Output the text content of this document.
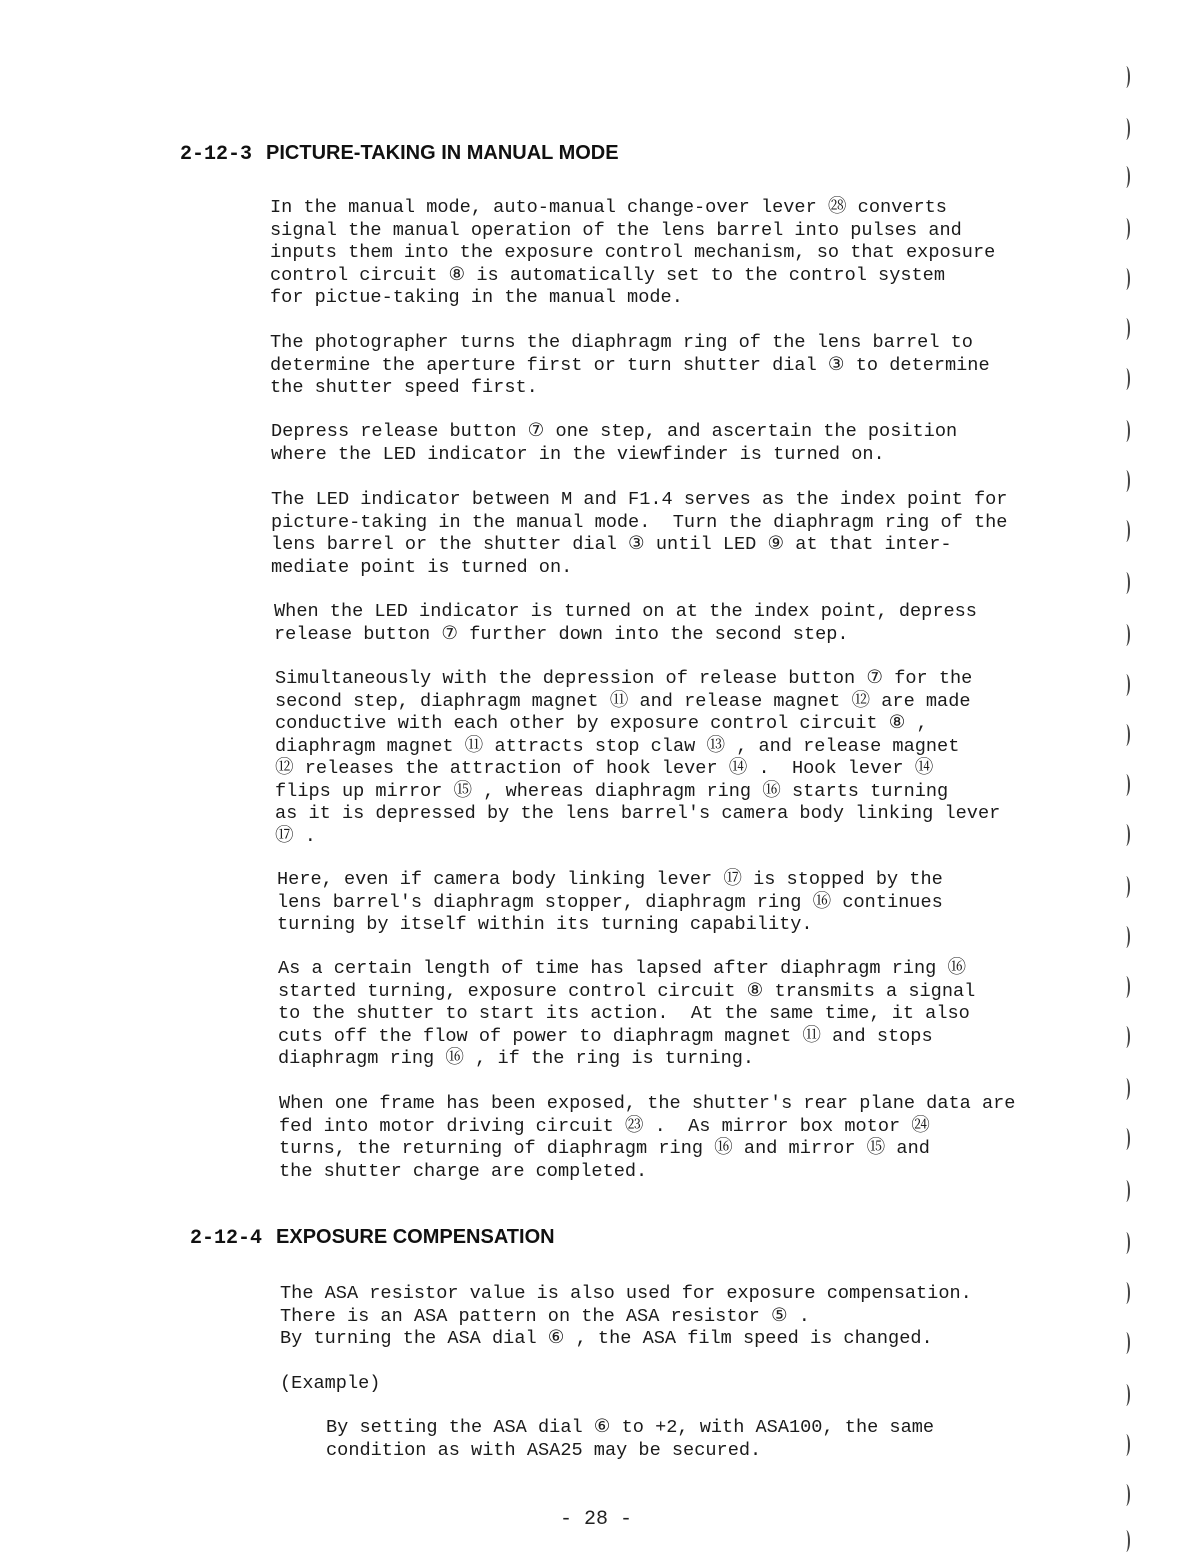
2-12-3 PICTURE-TAKING IN MANUAL MODE

In the manual mode, auto-manual change-over lever ㉘ converts
signal the manual operation of the lens barrel into pulses and
inputs them into the exposure control mechanism, so that exposure
control circuit ⑧ is automatically set to the control system
for pictue-taking in the manual mode.

The photographer turns the diaphragm ring of the lens barrel to
determine the aperture first or turn shutter dial ③ to determine
the shutter speed first.

Depress release button ⑦ one step, and ascertain the position
where the LED indicator in the viewfinder is turned on.

The LED indicator between M and F1.4 serves as the index point for
picture-taking in the manual mode.  Turn the diaphragm ring of the
lens barrel or the shutter dial ③ until LED ⑨ at that inter-
mediate point is turned on.

When the LED indicator is turned on at the index point, depress
release button ⑦ further down into the second step.

Simultaneously with the depression of release button ⑦ for the
second step, diaphragm magnet ⑪ and release magnet ⑫ are made
conductive with each other by exposure control circuit ⑧ ,
diaphragm magnet ⑪ attracts stop claw ⑬ , and release magnet
⑫ releases the attraction of hook lever ⑭ .  Hook lever ⑭
flips up mirror ⑮ , whereas diaphragm ring ⑯ starts turning
as it is depressed by the lens barrel's camera body linking lever
⑰ .

Here, even if camera body linking lever ⑰ is stopped by the
lens barrel's diaphragm stopper, diaphragm ring ⑯ continues
turning by itself within its turning capability.

As a certain length of time has lapsed after diaphragm ring ⑯
started turning, exposure control circuit ⑧ transmits a signal
to the shutter to start its action.  At the same time, it also
cuts off the flow of power to diaphragm magnet ⑪ and stops
diaphragm ring ⑯ , if the ring is turning.

When one frame has been exposed, the shutter's rear plane data are
fed into motor driving circuit ㉓ .  As mirror box motor ㉔
turns, the returning of diaphragm ring ⑯ and mirror ⑮ and
the shutter charge are completed.

2-12-4 EXPOSURE COMPENSATION

The ASA resistor value is also used for exposure compensation.
There is an ASA pattern on the ASA resistor ⑤ .
By turning the ASA dial ⑥ , the ASA film speed is changed.

(Example)

By setting the ASA dial ⑥ to +2, with ASA100, the same
condition as with ASA25 may be secured.

- 28 -
